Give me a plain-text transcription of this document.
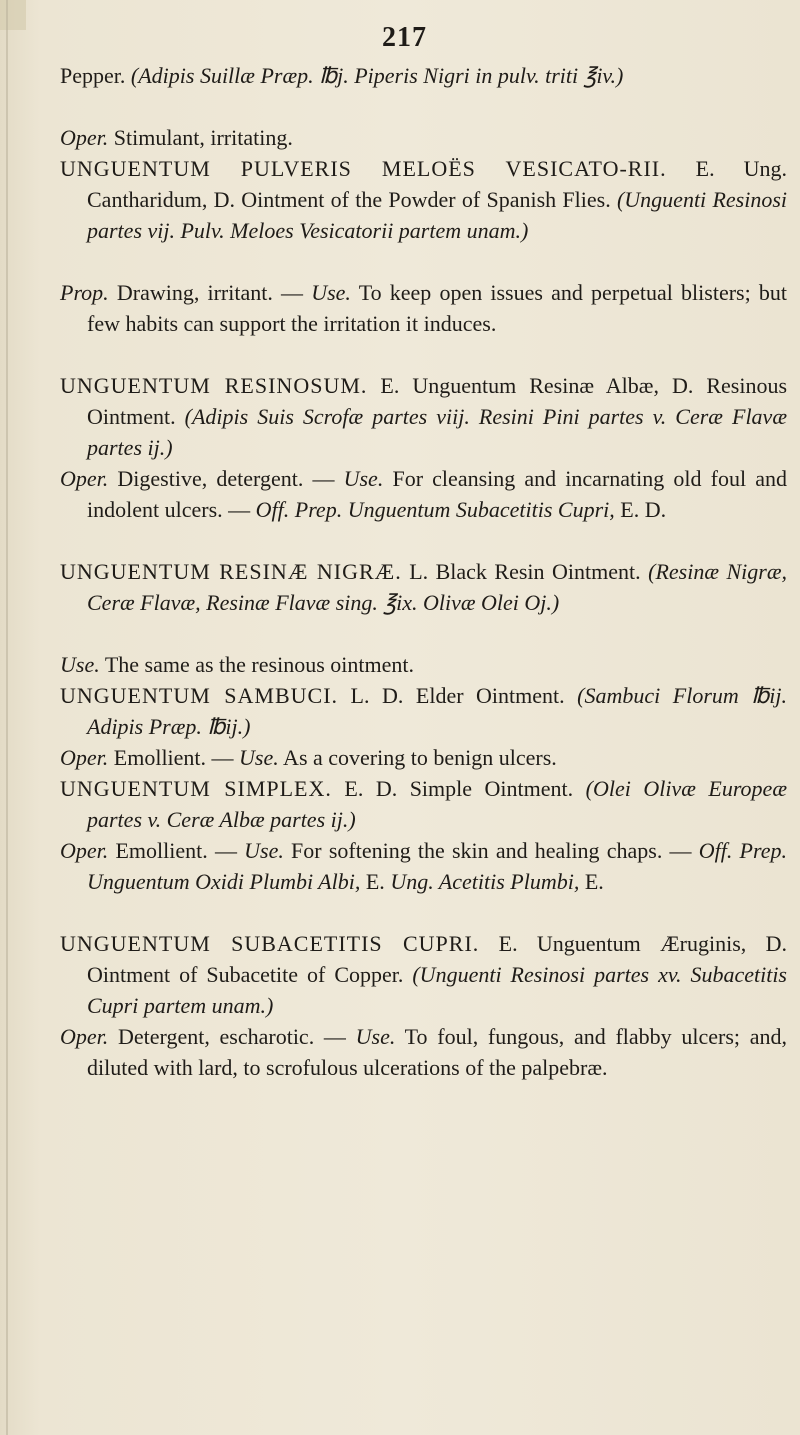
217
Pepper. (Adipis Suillæ Præp. ℔j. Piperis Nigri in pulv. triti ℥iv.)
Oper. Stimulant, irritating.
UNGUENTUM PULVERIS MELOËS VESICATO-RII. E. Ung. Cantharidum, D. Ointment of the Powder of Spanish Flies. (Unguenti Resinosi partes vij. Pulv. Meloes Vesicatorii partem unam.)
Prop. Drawing, irritant. — Use. To keep open issues and perpetual blisters; but few habits can support the irritation it induces.
UNGUENTUM RESINOSUM. E. Unguentum Resinæ Albæ, D. Resinous Ointment. (Adipis Suis Scrofæ partes viij. Resini Pini partes v. Ceræ Flavæ partes ij.)
Oper. Digestive, detergent. — Use. For cleansing and incarnating old foul and indolent ulcers. — Off. Prep. Unguentum Subacetitis Cupri, E. D.
UNGUENTUM RESINÆ NIGRÆ. L. Black Resin Ointment. (Resinæ Nigræ, Ceræ Flavæ, Resinæ Flavæ sing. ℥ix. Olivæ Olei Oj.)
Use. The same as the resinous ointment.
UNGUENTUM SAMBUCI. L. D. Elder Ointment. (Sambuci Florum ℔ij. Adipis Præp. ℔ij.)
Oper. Emollient. — Use. As a covering to benign ulcers.
UNGUENTUM SIMPLEX. E. D. Simple Ointment. (Olei Olivæ Europeæ partes v. Ceræ Albæ partes ij.)
Oper. Emollient. — Use. For softening the skin and healing chaps. — Off. Prep. Unguentum Oxidi Plumbi Albi, E. Ung. Acetitis Plumbi, E.
UNGUENTUM SUBACETITIS CUPRI. E. Unguentum Æruginis, D. Ointment of Subacetite of Copper. (Unguenti Resinosi partes xv. Subacetitis Cupri partem unam.)
Oper. Detergent, escharotic. — Use. To foul, fungous, and flabby ulcers; and, diluted with lard, to scrofulous ulcerations of the palpebræ.
